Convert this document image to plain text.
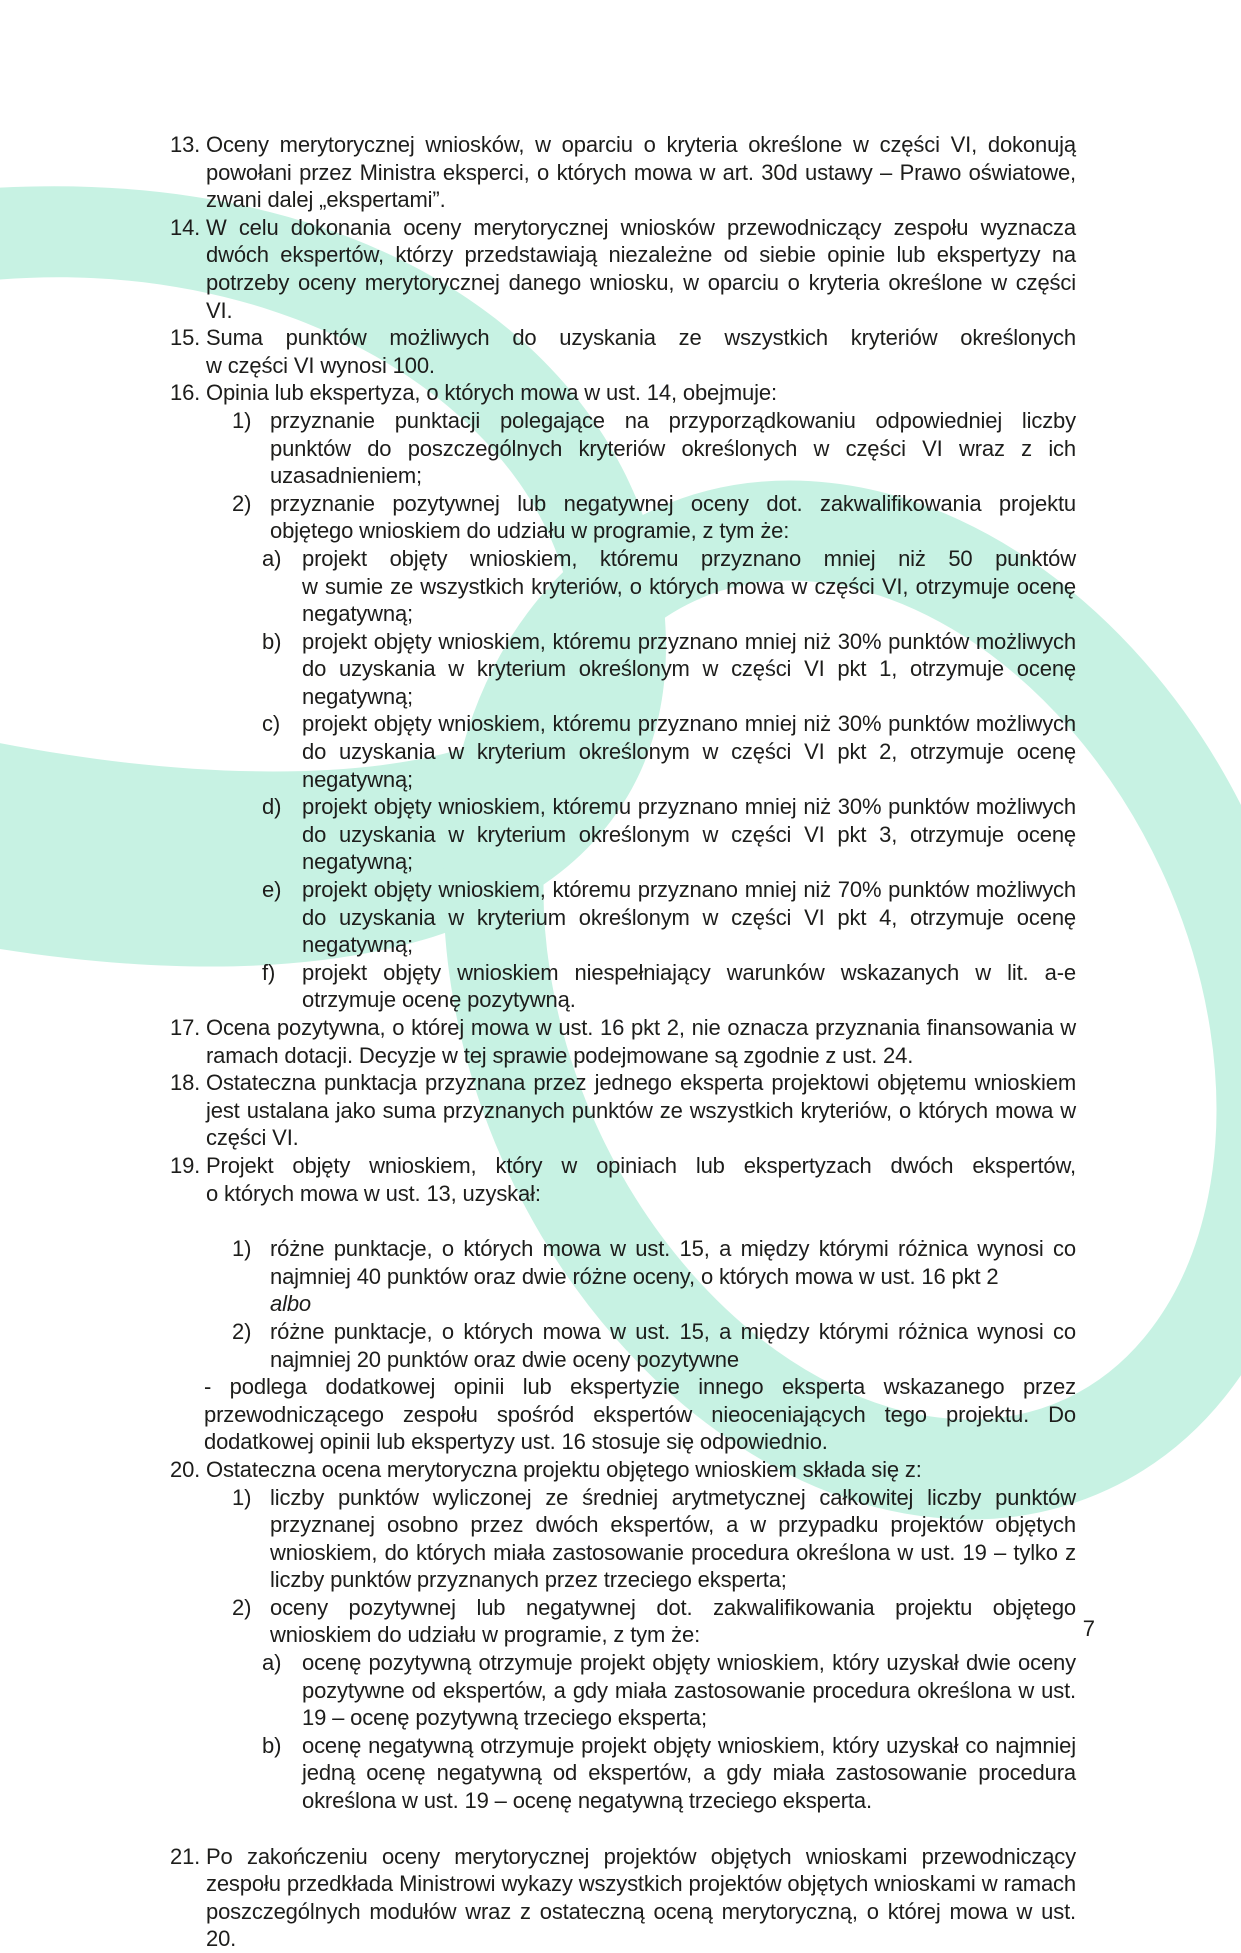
13. Oceny merytorycznej wniosków, w oparciu o kryteria określone w części VI, dokonują powołani przez Ministra eksperci, o których mowa w art. 30d ustawy – Prawo oświatowe, zwani dalej „ekspertami”.
14. W celu dokonania oceny merytorycznej wniosków przewodniczący zespołu wyznacza dwóch ekspertów, którzy przedstawiają niezależne od siebie opinie lub ekspertyzy na potrzeby oceny merytorycznej danego wniosku, w oparciu o kryteria określone w części VI.
15. Suma punktów możliwych do uzyskania ze wszystkich kryteriów określonych
w części VI wynosi 100.
16. Opinia lub ekspertyza, o których mowa w ust. 14, obejmuje:
1) przyznanie punktacji polegające na przyporządkowaniu odpowiedniej liczby punktów do poszczególnych kryteriów określonych w części VI wraz z ich uzasadnieniem;
2) przyznanie pozytywnej lub negatywnej oceny dot. zakwalifikowania projektu objętego wnioskiem do udziału w programie, z tym że:
a) projekt objęty wnioskiem, któremu przyznano mniej niż 50 punktów
w sumie ze wszystkich kryteriów, o których mowa w części VI, otrzymuje ocenę
negatywną;
b) projekt objęty wnioskiem, któremu przyznano mniej niż 30% punktów możliwych do uzyskania w kryterium określonym w części VI pkt 1, otrzymuje ocenę negatywną;
c) projekt objęty wnioskiem, któremu przyznano mniej niż 30% punktów możliwych do uzyskania w kryterium określonym w części VI pkt 2, otrzymuje ocenę negatywną;
d) projekt objęty wnioskiem, któremu przyznano mniej niż 30% punktów możliwych do uzyskania w kryterium określonym w części VI pkt 3, otrzymuje ocenę negatywną;
e) projekt objęty wnioskiem, któremu przyznano mniej niż 70% punktów możliwych do uzyskania w kryterium określonym w części VI pkt 4, otrzymuje ocenę negatywną;
f)	projekt objęty wnioskiem niespełniający warunków wskazanych w lit. a-e otrzymuje ocenę pozytywną.
17. Ocena pozytywna, o której mowa w ust. 16 pkt 2, nie oznacza przyznania finansowania w ramach dotacji. Decyzje w tej sprawie podejmowane są zgodnie z ust. 24.
18. Ostateczna punktacja przyznana przez jednego eksperta projektowi objętemu wnioskiem jest ustalana jako suma przyznanych punktów ze wszystkich kryteriów, o których mowa w części VI.
19. Projekt objęty wnioskiem, który w opiniach lub ekspertyzach dwóch ekspertów,
o których mowa w ust. 13, uzyskał:
1) różne punktacje, o których mowa w ust. 15, a między którymi różnica wynosi co najmniej 40 punktów oraz dwie różne oceny, o których mowa w ust. 16 pkt 2
albo
2) różne punktacje, o których mowa w ust. 15, a między którymi różnica wynosi co najmniej 20 punktów oraz dwie oceny pozytywne
- podlega dodatkowej opinii lub ekspertyzie innego eksperta wskazanego przez przewodniczącego zespołu spośród ekspertów nieoceniających tego projektu. Do dodatkowej opinii lub ekspertyzy ust. 16 stosuje się odpowiednio.
20. Ostateczna ocena merytoryczna projektu objętego wnioskiem składa się z:
1) liczby punktów wyliczonej ze średniej arytmetycznej całkowitej liczby punktów przyznanej osobno przez dwóch ekspertów, a w przypadku projektów objętych wnioskiem, do których miała zastosowanie procedura określona w ust. 19 – tylko z liczby punktów przyznanych przez trzeciego eksperta;
2) oceny pozytywnej lub negatywnej dot. zakwalifikowania projektu objętego wnioskiem do udziału w programie, z tym że:
a) ocenę pozytywną otrzymuje projekt objęty wnioskiem, który uzyskał dwie oceny pozytywne od ekspertów, a gdy miała zastosowanie procedura określona w ust. 19 – ocenę pozytywną trzeciego eksperta;
b) ocenę negatywną otrzymuje projekt objęty wnioskiem, który uzyskał co najmniej jedną ocenę negatywną od ekspertów, a gdy miała zastosowanie procedura określona w ust. 19 – ocenę negatywną trzeciego eksperta.
21. Po zakończeniu oceny merytorycznej projektów objętych wnioskami przewodniczący zespołu przedkłada Ministrowi wykazy wszystkich projektów objętych wnioskami w ramach poszczególnych modułów wraz z ostateczną oceną merytoryczną, o której mowa w ust. 20.
7
